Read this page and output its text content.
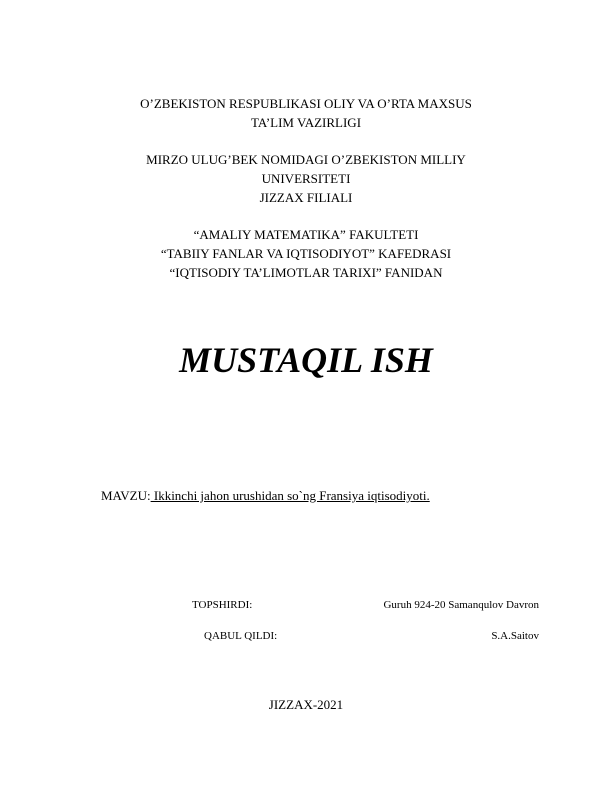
O’ZBEKISTON RESPUBLIKASI OLIY VA O’RTA MAXSUS
TA’LIM VAZIRLIGI
MIRZO ULUG’BEK NOMIDAGI O’ZBEKISTON MILLIY
UNIVERSITETI
JIZZAX FILIALI
“AMALIY MATEMATIKA” FAKULTETI
“TABIIY FANLAR VA IQTISODIYOT” KAFEDRASI
“IQTISODIY TA’LIMOTLAR TARIXI” FANIDAN
MUSTAQIL ISH
MAVZU: Ikkinchi jahon urushidan so`ng Fransiya iqtisodiyoti.
TOPSHIRDI:	Guruh 924-20 Samanqulov Davron
QABUL QILDI:	S.A.Saitov
JIZZAX-2021
